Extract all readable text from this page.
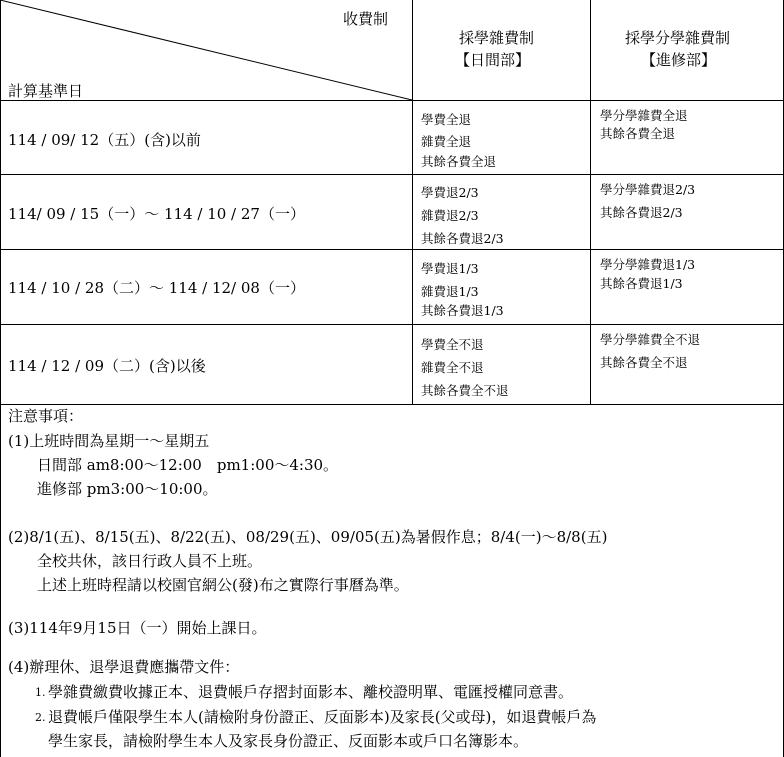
收費制
計算基準日
採學雜費制
【日間部】
採學分學雜費制
【進修部】
114 / 09/ 12（五）(含)以前
學費全退
雜費全退
其餘各費全退
學分學雜費全退
其餘各費全退
114/ 09 / 15（一）～ 114 / 10 / 27（一）
學費退2/3
雜費退2/3
其餘各費退2/3
學分學雜費退2/3
其餘各費退2/3
114 / 10 / 28（二）～ 114 / 12/ 08（一）
學費退1/3
雜費退1/3
其餘各費退1/3
學分學雜費退1/3
其餘各費退1/3
114 / 12 / 09（二）(含)以後
學費全不退
雜費全不退
其餘各費全不退
學分學雜費全不退
其餘各費全不退
注意事項：
(1)上班時間為星期一～星期五
日間部 am8:00～12:00　pm1:00～4:30。
進修部 pm3:00～10:00。
(2)8/1(五)、8/15(五)、8/22(五)、08/29(五)、09/05(五)為暑假作息；8/4(一)～8/8(五)
全校共休，該日行政人員不上班。
上述上班時程請以校園官網公(發)布之實際行事曆為準。
(3)114年9月15日（一）開始上課日。
(4)辦理休、退學退費應攜帶文件：
1. 學雜費繳費收據正本、退費帳戶存摺封面影本、離校證明單、電匯授權同意書。
2. 退費帳戶僅限學生本人(請檢附身份證正、反面影本)及家長(父或母)，如退費帳戶為
學生家長，請檢附學生本人及家長身份證正、反面影本或戶口名簿影本。
